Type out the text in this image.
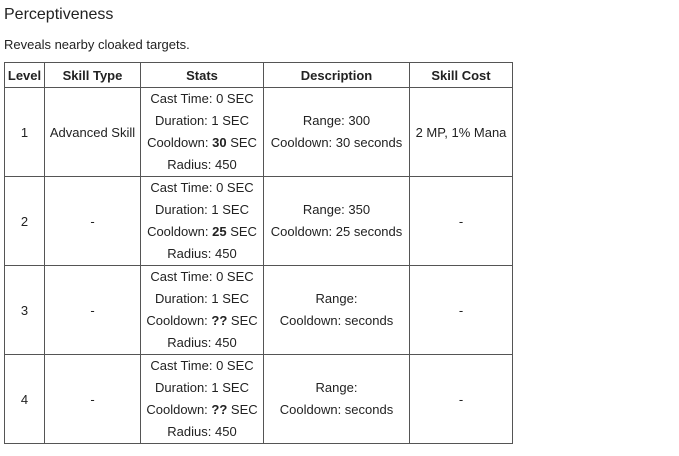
Perceptiveness
Reveals nearby cloaked targets.
Level	Skill Type	Stats	Description	Skill Cost
1	Advanced Skill	Cast Time: 0 SEC
Duration: 1 SEC
Cooldown: 30 SEC
Radius: 450	Range: 300
Cooldown: 30 seconds	2 MP, 1% Mana
2	-	Cast Time: 0 SEC
Duration: 1 SEC
Cooldown: 25 SEC
Radius: 450	Range: 350
Cooldown: 25 seconds	-
3	-	Cast Time: 0 SEC
Duration: 1 SEC
Cooldown: ?? SEC
Radius: 450	Range:
Cooldown: seconds	-
4	-	Cast Time: 0 SEC
Duration: 1 SEC
Cooldown: ?? SEC
Radius: 450	Range:
Cooldown: seconds	-
